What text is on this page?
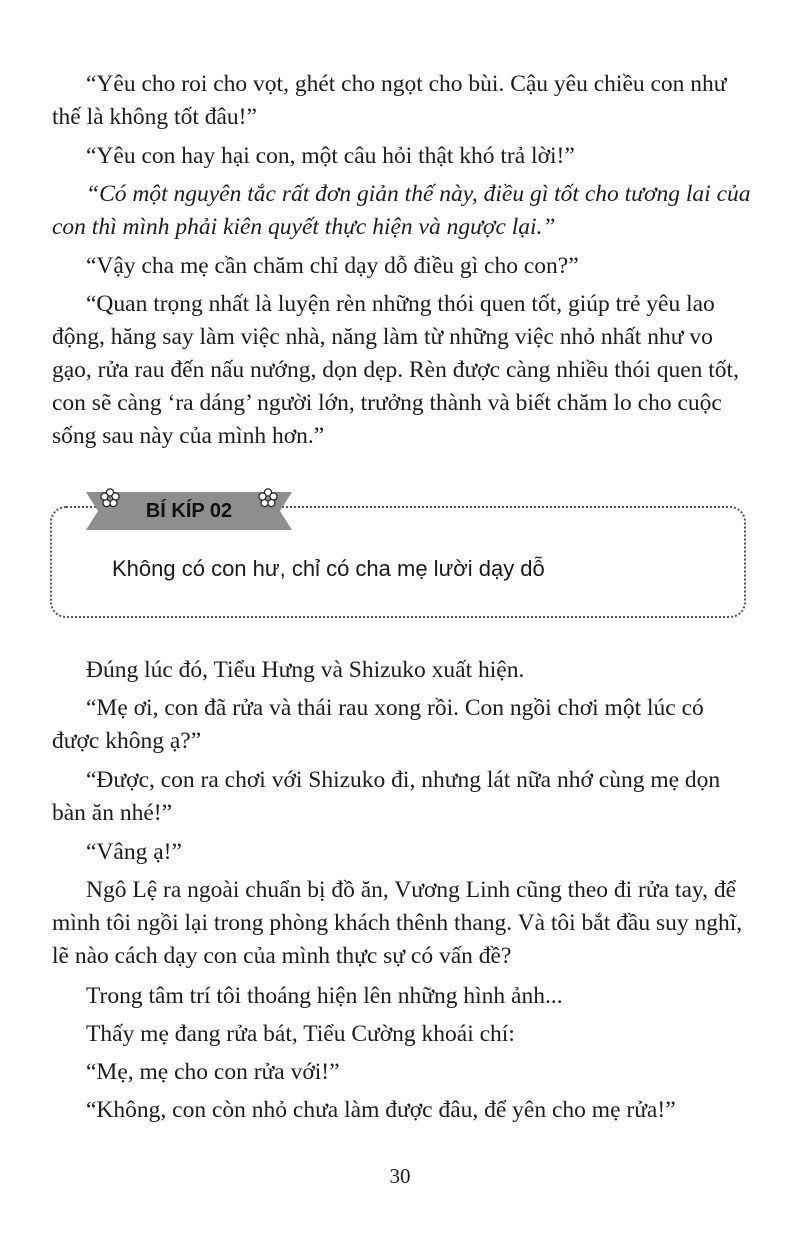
“Yêu cho roi cho vọt, ghét cho ngọt cho bùi. Cậu yêu chiều con như thế là không tốt đâu!”

“Yêu con hay hại con, một câu hỏi thật khó trả lời!”

“Có một nguyên tắc rất đơn giản thế này, điều gì tốt cho tương lai của con thì mình phải kiên quyết thực hiện và ngược lại.”

“Vậy cha mẹ cần chăm chỉ dạy dỗ điều gì cho con?”

“Quan trọng nhất là luyện rèn những thói quen tốt, giúp trẻ yêu lao động, hăng say làm việc nhà, năng làm từ những việc nhỏ nhất như vo gạo, rửa rau đến nấu nướng, dọn dẹp. Rèn được càng nhiều thói quen tốt, con sẽ càng ‘ra dáng’ người lớn, trưởng thành và biết chăm lo cho cuộc sống sau này của mình hơn.”

BÍ KÍP 02
Không có con hư, chỉ có cha mẹ lười dạy dỗ

Đúng lúc đó, Tiểu Hưng và Shizuko xuất hiện.

“Mẹ ơi, con đã rửa và thái rau xong rồi. Con ngồi chơi một lúc có được không ạ?”

“Được, con ra chơi với Shizuko đi, nhưng lát nữa nhớ cùng mẹ dọn bàn ăn nhé!”

“Vâng ạ!”

Ngô Lệ ra ngoài chuẩn bị đồ ăn, Vương Linh cũng theo đi rửa tay, để mình tôi ngồi lại trong phòng khách thênh thang. Và tôi bắt đầu suy nghĩ, lẽ nào cách dạy con của mình thực sự có vấn đề?

Trong tâm trí tôi thoáng hiện lên những hình ảnh...

Thấy mẹ đang rửa bát, Tiểu Cường khoái chí:

“Mẹ, mẹ cho con rửa với!”

“Không, con còn nhỏ chưa làm được đâu, để yên cho mẹ rửa!”

30
